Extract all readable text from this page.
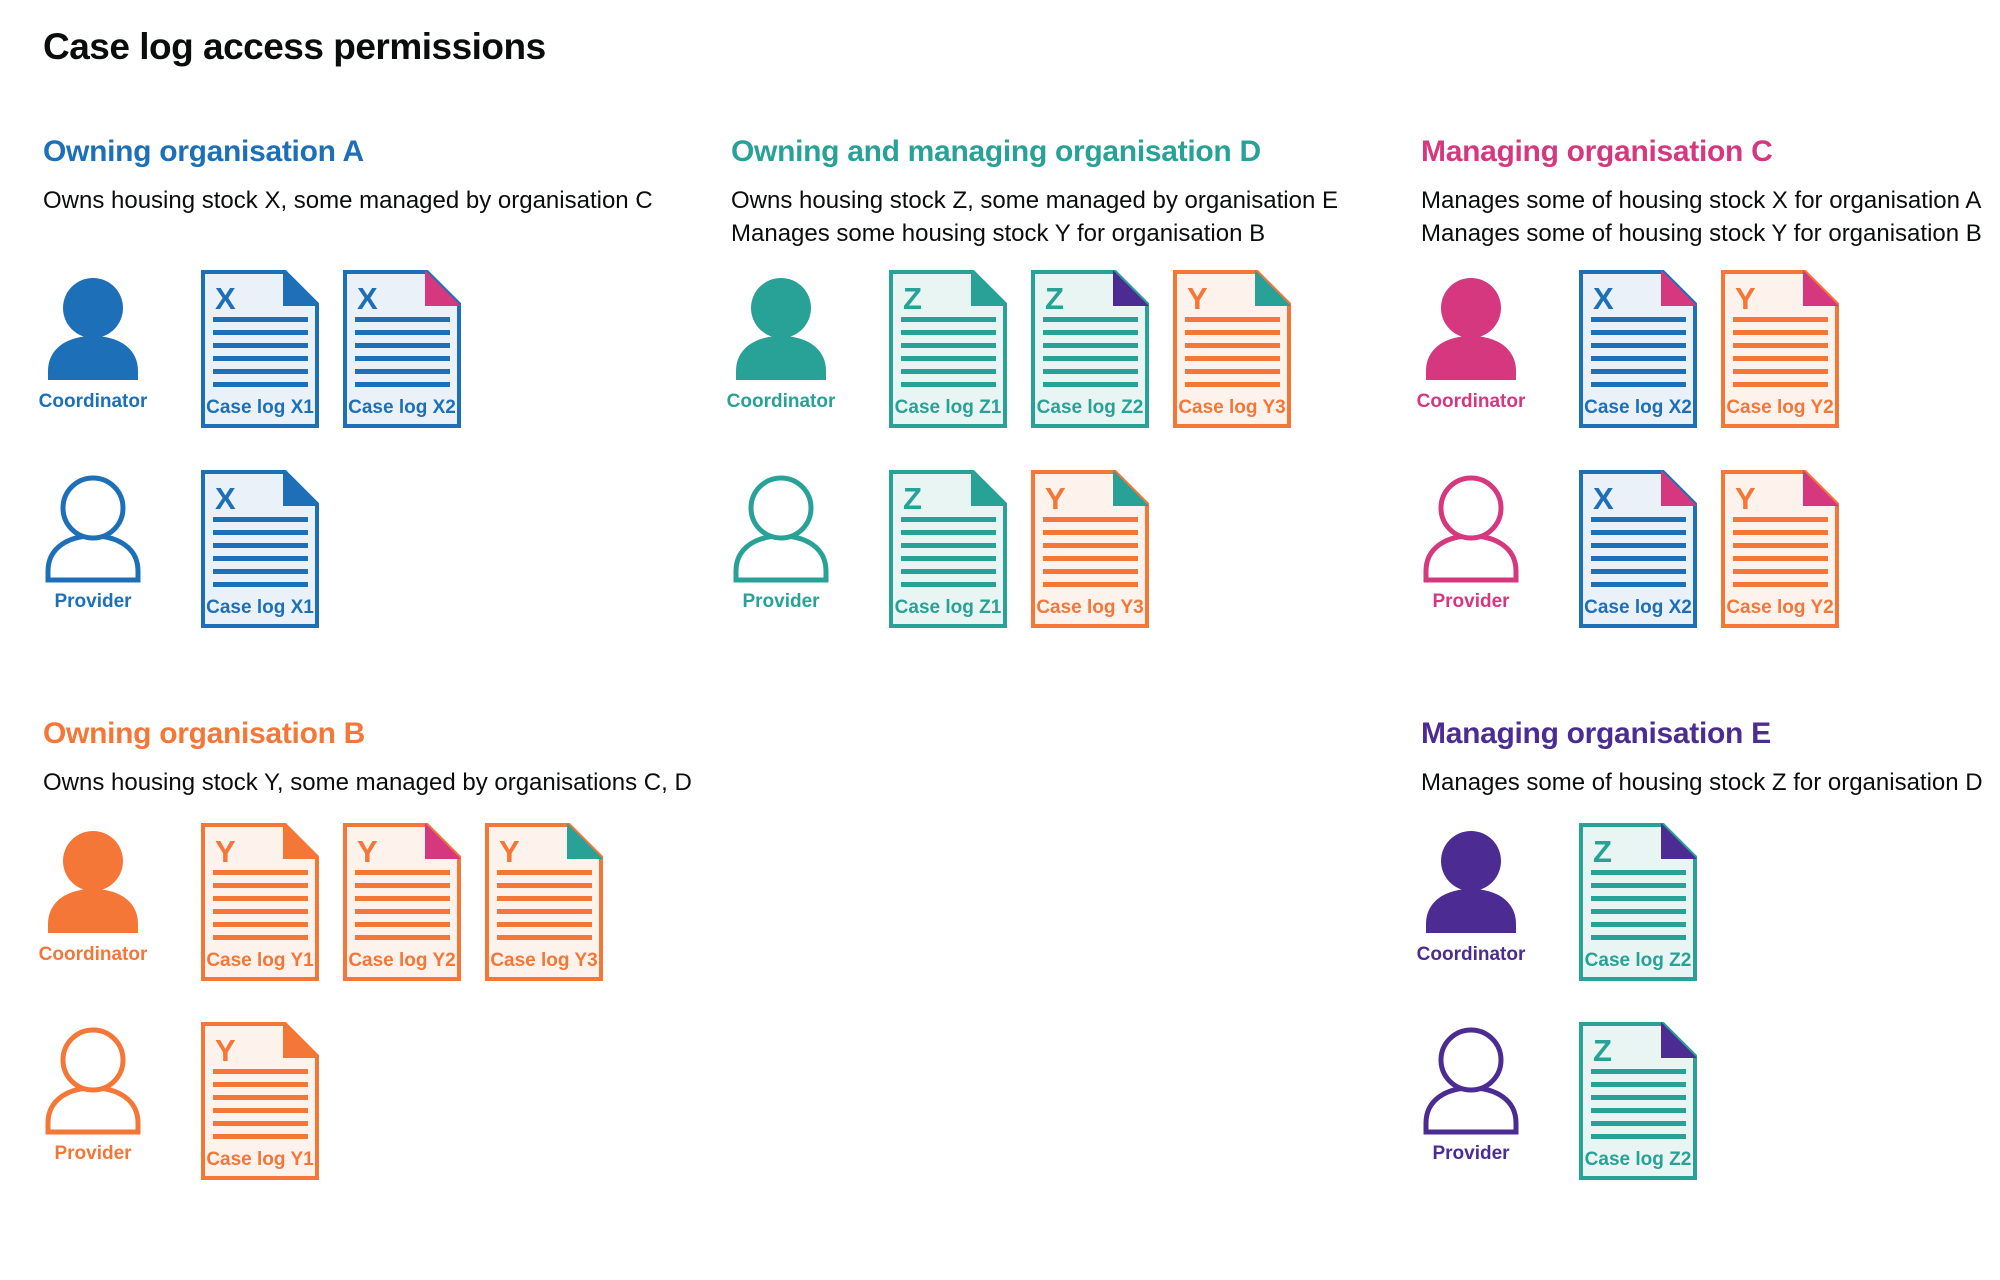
Case log access permissions
Owning organisation A

Owns housing stock X, some managed by organisation C

Coordinator
X
Case log X1
X
Case log X2
Provider
X
Case log X1
Owning and managing organisation D

Owns housing stock Z, some managed by organisation E

Manages some housing stock Y for organisation B

Coordinator
Z
Case log Z1
Z
Case log Z2
Y
Case log Y3
Provider
Z
Case log Z1
Y
Case log Y3
Managing organisation C

Manages some of housing stock X for organisation A

Manages some of housing stock Y for organisation B

Coordinator
X
Case log X2
Y
Case log Y2
Provider
X
Case log X2
Y
Case log Y2
Owning organisation B

Owns housing stock Y, some managed by organisations C, D

Coordinator
Y
Case log Y1
Y
Case log Y2
Y
Case log Y3
Provider
Y
Case log Y1
Managing organisation E

Manages some of housing stock Z for organisation D

Coordinator
Z
Case log Z2
Provider
Z
Case log Z2
